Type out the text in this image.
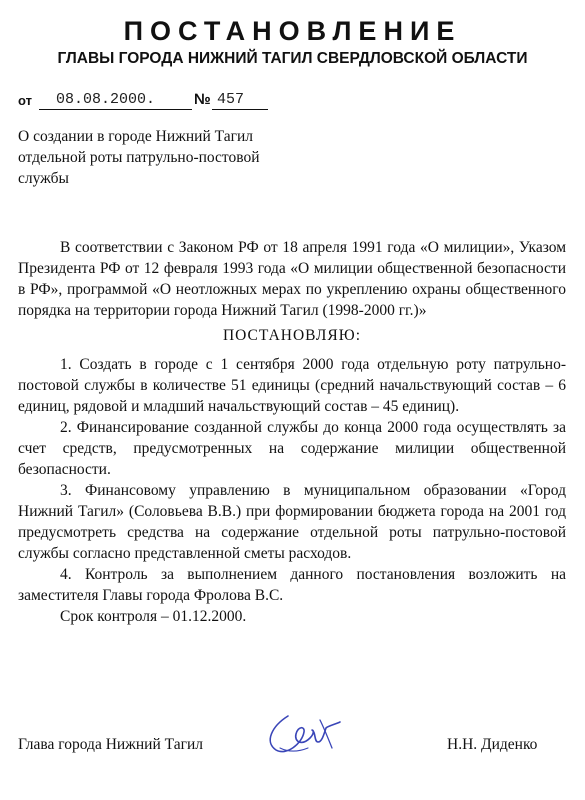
ПОСТАНОВЛЕНИЕ
ГЛАВЫ ГОРОДА НИЖНИЙ ТАГИЛ СВЕРДЛОВСКОЙ ОБЛАСТИ
от 08.08.2000.	№ 457
О создании в городе Нижний Тагил
отдельной роты патрульно-постовой
службы

В соответствии с Законом РФ от 18 апреля 1991 года «О милиции», Указом Президента РФ от 12 февраля 1993 года «О милиции общественной безопасности в РФ», программой «О неотложных мерах по укреплению охраны общественного порядка на территории города Нижний Тагил (1998-2000 гг.)»

ПОСТАНОВЛЯЮ:

1. Создать в городе с 1 сентября 2000 года отдельную роту патрульно-постовой службы в количестве 51 единицы (средний начальствующий состав – 6 единиц, рядовой и младший начальствующий состав – 45 единиц).

2. Финансирование созданной службы до конца 2000 года осуществлять за счет средств, предусмотренных на содержание милиции общественной безопасности.

3. Финансовому управлению в муниципальном образовании «Город Нижний Тагил» (Соловьева В.В.) при формировании бюджета города на 2001 год предусмотреть средства на содержание отдельной роты патрульно-постовой службы согласно представленной сметы расходов.

4. Контроль за выполнением данного постановления возложить на заместителя Главы города Фролова В.С.

Срок контроля – 01.12.2000.

Глава города Нижний Тагил	Н.Н. Диденко
